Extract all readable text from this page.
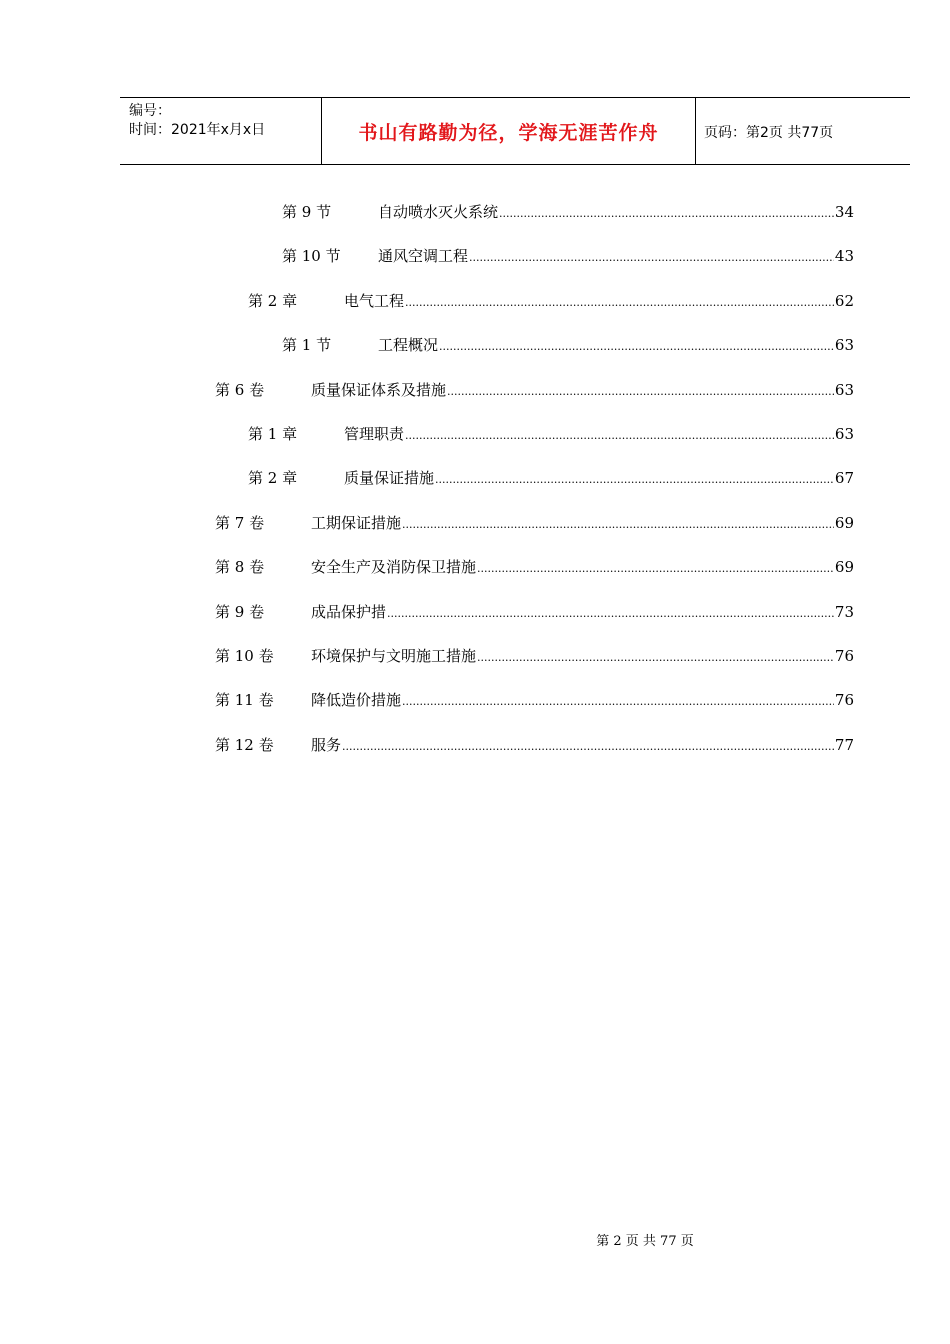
编号：
时间：2021年x月x日	书山有路勤为径，学海无涯苦作舟	页码：第2页 共77页
第 9 节	自动喷水灭火系统 .....	34
第 10 节	通风空调工程 .....	43
第 2 章	电气工程 .....	62
第 1 节	工程概况 .....	63
第 6 卷	质量保证体系及措施 .....	63
第 1 章	管理职责 .....	63
第 2 章	质量保证措施 .....	67
第 7 卷	工期保证措施 .....	69
第 8 卷	安全生产及消防保卫措施 .....	69
第 9 卷	成品保护措 .....	73
第 10 卷	环境保护与文明施工措施 .....	76
第 11 卷	降低造价措施 .....	76
第 12 卷	服务 .....	77
第 2 页 共 77 页
